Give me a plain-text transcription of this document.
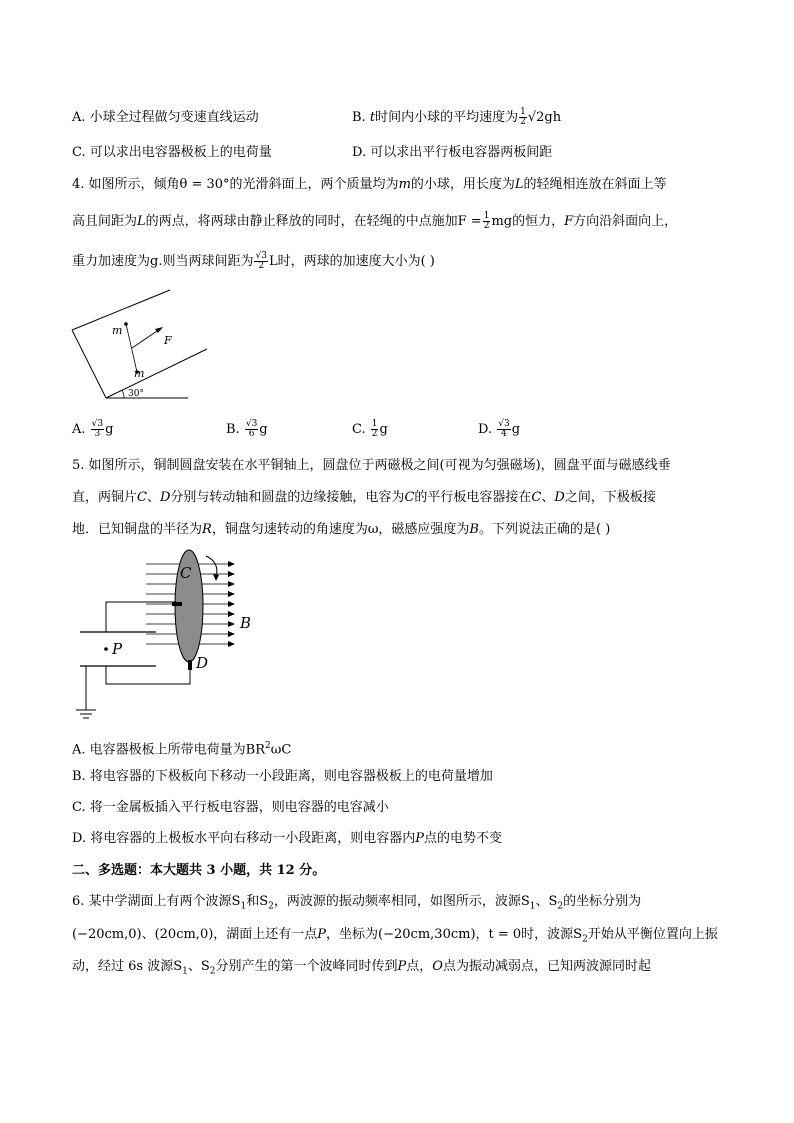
A. 小球全过程做匀变速直线运动	B. t时间内小球的平均速度为 $\frac{1}{2} √2gh$
C. 可以求出电容器极板上的电荷量	D. 可以求出平行板电容器两板间距
4. 如图所示，倾角θ = 30°的光滑斜面上，两个质量均为m的小球，用长度为L的轻绳相连放在斜面上等
高且间距为L的两点，将两球由静止释放的同时，在轻绳的中点施加$F = \frac{1}{2}$ mg的恒力，F方向沿斜面向上，
重力加速度为g.则当两球间距为 $\frac{√3}{2}$ L时，两球的加速度大小为( )
30°
m
m
F
A. $\frac{√3}{3}$ g	B. $\frac{√3}{6}$ g	C. $\frac{1}{2}$ g	D. $\frac{√3}{4}$ g
5. 如图所示，铜制圆盘安装在水平铜轴上，圆盘位于两磁极之间(可视为匀强磁场)，圆盘平面与磁感线垂
直，两铜片C、D分别与转动轴和圆盘的边缘接触，电容为C的平行板电容器接在C、D之间，下极板接
地．已知铜盘的半径为R，铜盘匀速转动的角速度为ω，磁感应强度为B。下列说法正确的是( )
C
B
D
P
A. 电容器极板上所带电荷量为$BR^2\omega C$
B. 将电容器的下极板向下移动一小段距离，则电容器极板上的电荷量增加
C. 将一金属板插入平行板电容器，则电容器的电容减小
D. 将电容器的上极板水平向右移动一小段距离，则电容器内P点的电势不变
二、多选题：本大题共 3 小题，共 12 分。
6. 某中学湖面上有两个波源$S_1$和$S_2$，两波源的振动频率相同，如图所示，波源$S_1$、$S_2$的坐标分别为
(−20cm,0)、(20cm,0)，湖面上还有一点P，坐标为(−20cm,30cm)，t = 0时，波源$S_2$开始从平衡位置向上振
动，经过 6s 波源$S_1$、$S_2$分别产生的第一个波峰同时传到P点，O点为振动减弱点，已知两波源同时起
